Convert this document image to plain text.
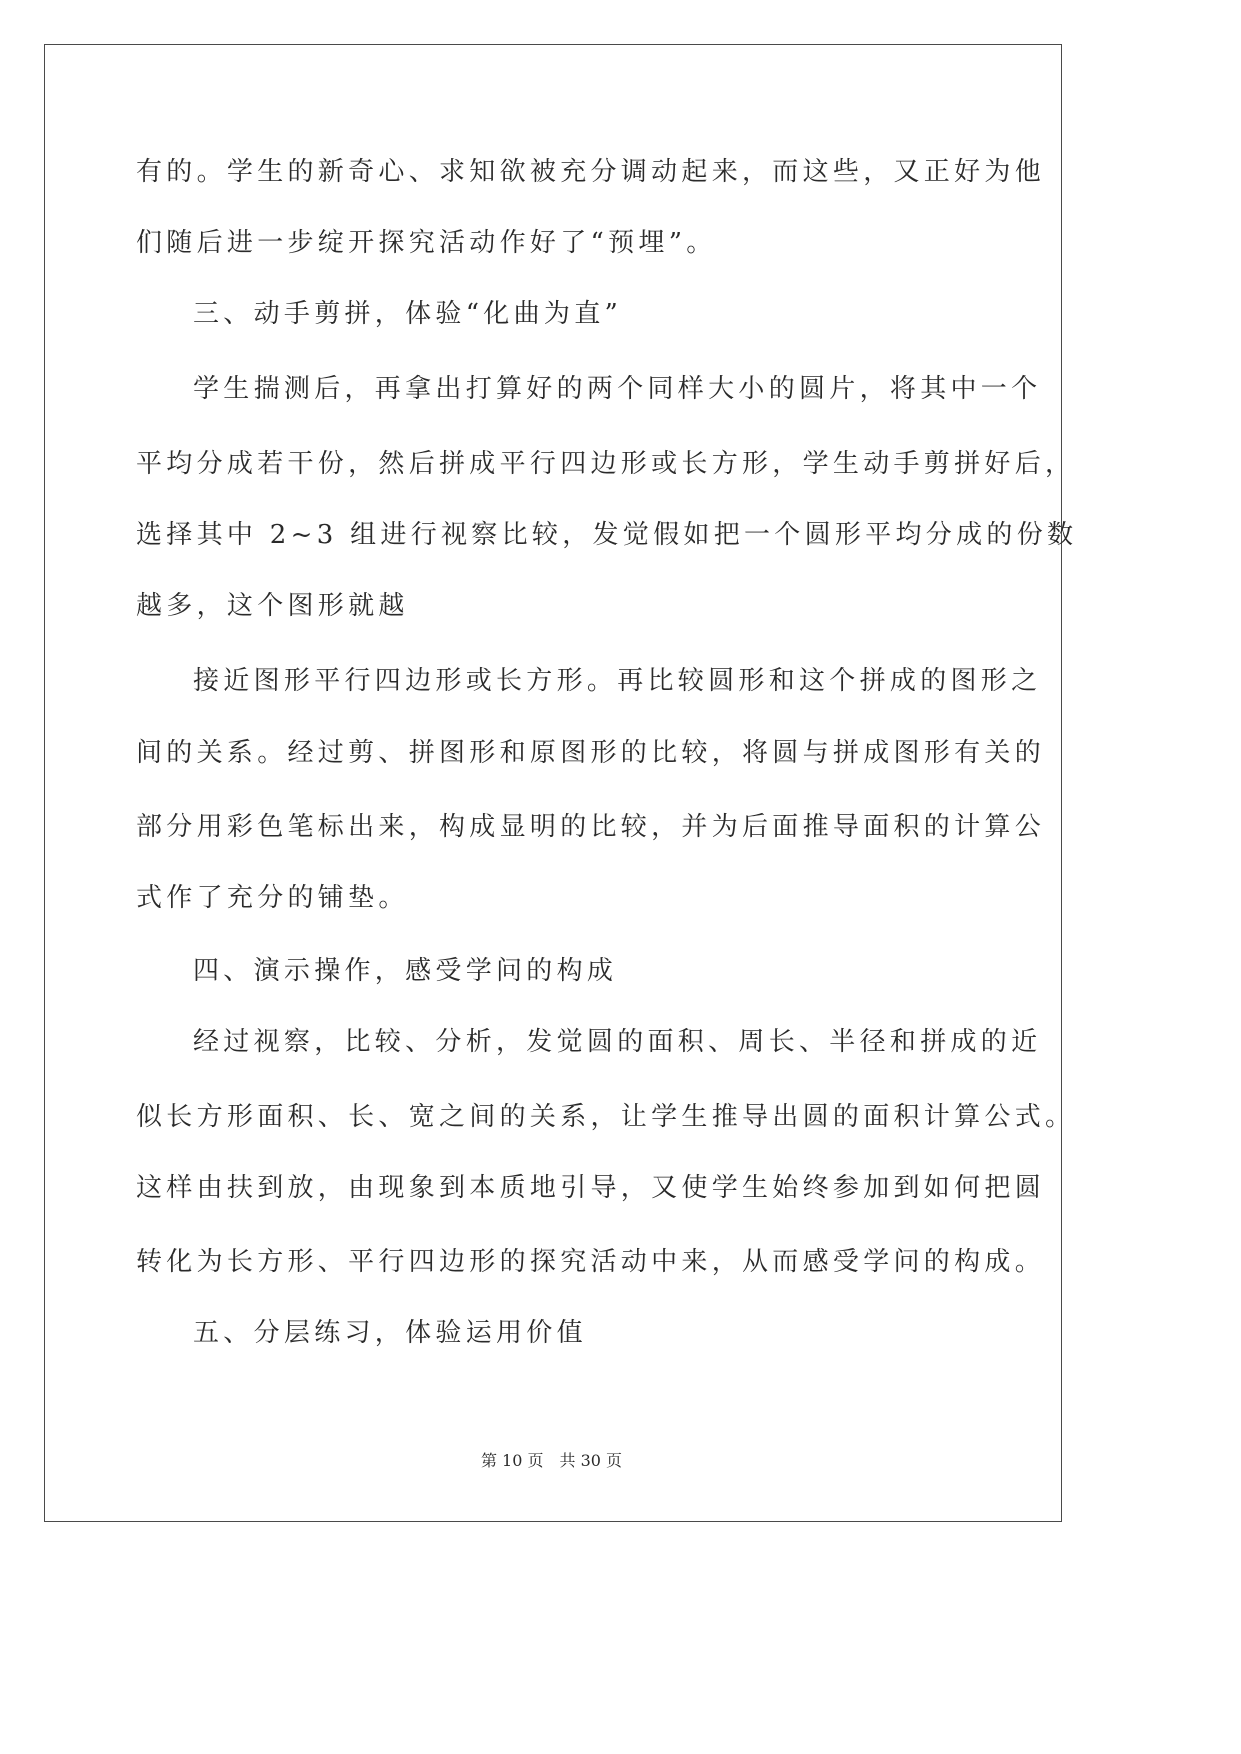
有的。学生的新奇心、求知欲被充分调动起来，而这些，又正好为他
们随后进一步绽开探究活动作好了“预埋”。
三、动手剪拼，体验“化曲为直”
学生揣测后，再拿出打算好的两个同样大小的圆片，将其中一个
平均分成若干份，然后拼成平行四边形或长方形，学生动手剪拼好后，
选择其中 2~3 组进行视察比较，发觉假如把一个圆形平均分成的份数
越多，这个图形就越
接近图形平行四边形或长方形。再比较圆形和这个拼成的图形之
间的关系。经过剪、拼图形和原图形的比较，将圆与拼成图形有关的
部分用彩色笔标出来，构成显明的比较，并为后面推导面积的计算公
式作了充分的铺垫。
四、演示操作，感受学问的构成
经过视察，比较、分析，发觉圆的面积、周长、半径和拼成的近
似长方形面积、长、宽之间的关系，让学生推导出圆的面积计算公式。
这样由扶到放，由现象到本质地引导，又使学生始终参加到如何把圆
转化为长方形、平行四边形的探究活动中来，从而感受学问的构成。
五、分层练习，体验运用价值
第 10 页　共 30 页
